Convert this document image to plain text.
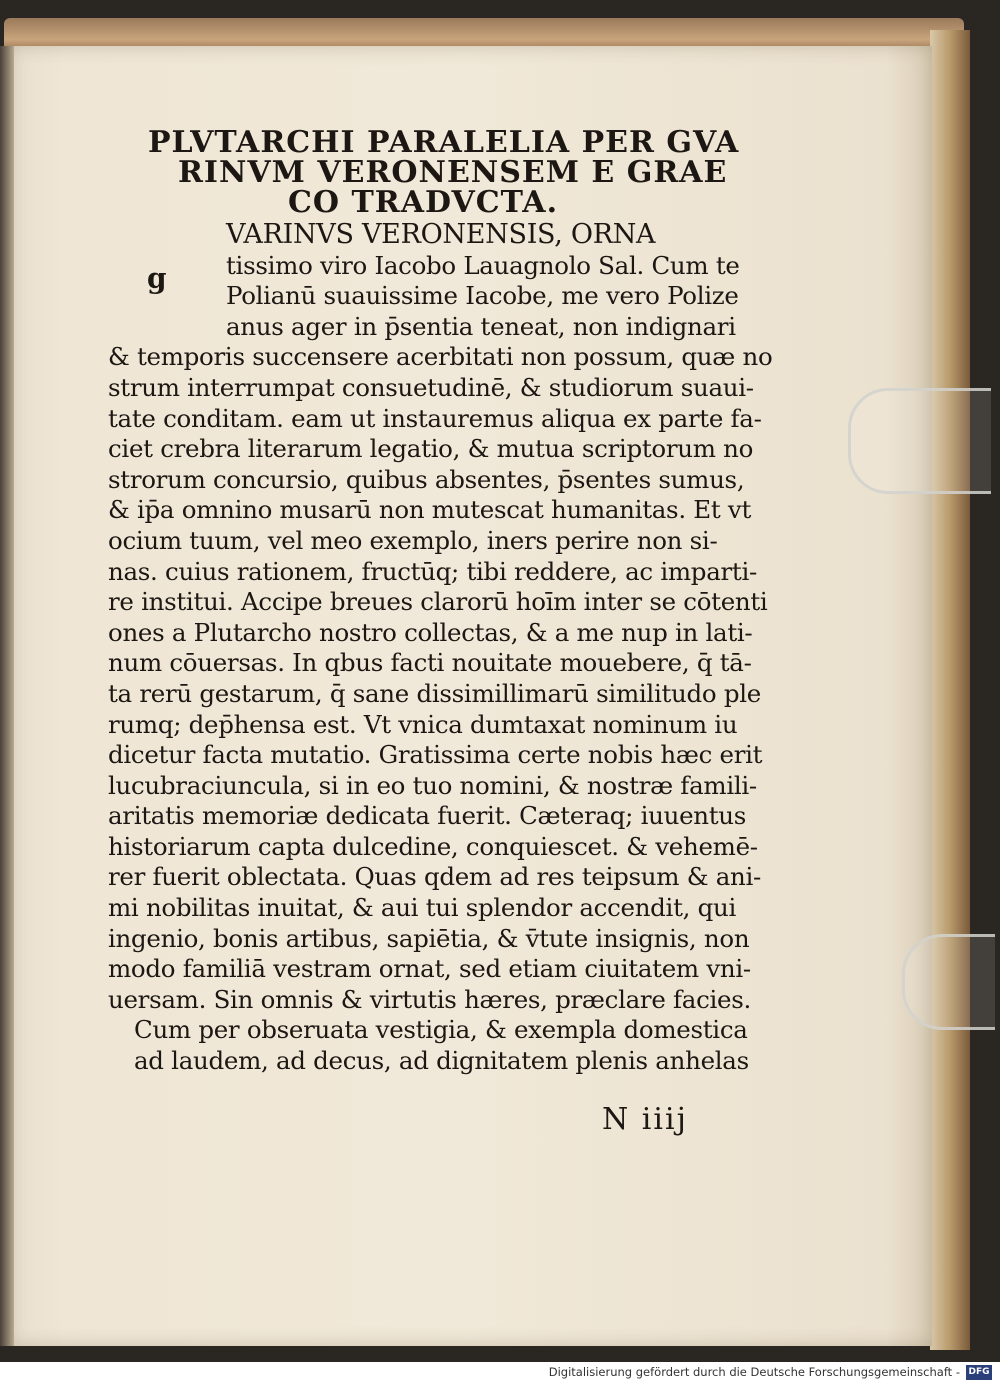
g

PLVTARCHI PARALELIA PER GVA

RINVM VERONENSEM E GRAE

CO TRADVCTA.

VARINVS VERONENSIS, ORNA

tissimo viro Iacobo Lauagnolo Sal. Cum te

Polianū suauissime Iacobe, me vero Polize

anus ager in p̄sentia teneat, non indignari

& temporis succensere acerbitati non possum, quæ no

strum interrumpat consuetudinē, & studiorum suaui-

tate conditam. eam ut instauremus aliqua ex parte fa-

ciet crebra literarum legatio, & mutua scriptorum no

strorum concursio, quibus absentes, p̄sentes sumus,

& ip̄a omnino musarū non mutescat humanitas. Et vt

ocium tuum, vel meo exemplo, iners perire non si-

nas. cuius rationem, fructūq; tibi reddere, ac imparti-

re institui. Accipe breues clarorū hoīm inter se cōtenti

ones a Plutarcho nostro collectas, & a me nup in lati-

num cōuersas. In qbus facti nouitate mouebere, q̄ tā-

ta rerū gestarum, q̄ sane dissimillimarū similitudo ple

rumq; dep̄hensa est. Vt vnica dumtaxat nominum iu

dicetur facta mutatio. Gratissima certe nobis hæc erit

lucubraciuncula, si in eo tuo nomini, & nostræ famili-

aritatis memoriæ dedicata fuerit. Cæteraq; iuuentus

historiarum capta dulcedine, conquiescet. & vehemē-

rer fuerit oblectata. Quas qdem ad res teipsum & ani-

mi nobilitas inuitat, & aui tui splendor accendit, qui

ingenio, bonis artibus, sapiētia, & v̄tute insignis, non

modo familiā vestram ornat, sed etiam ciuitatem vni-

uersam. Sin omnis & virtutis hæres, præclare facies.

Cum per obseruata vestigia, & exempla domestica

ad laudem, ad decus, ad dignitatem plenis anhelas

N iiij
Digitalisierung gefördert durch die Deutsche Forschungsgemeinschaft - DFG
